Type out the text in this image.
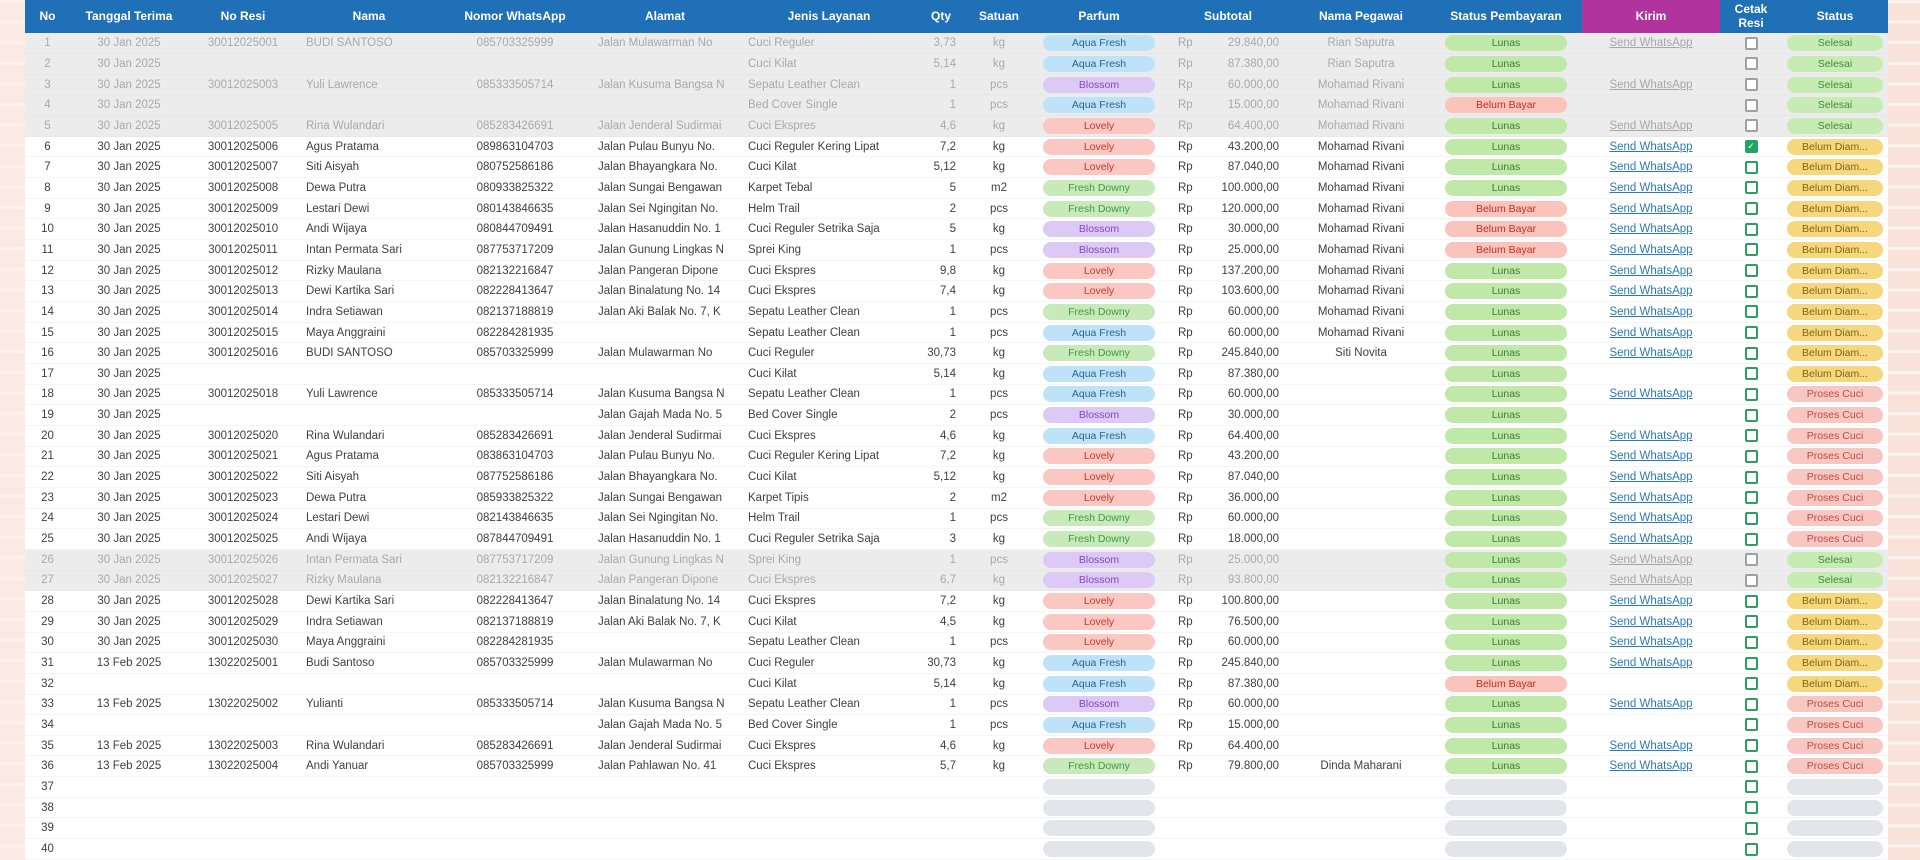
No	Tanggal Terima	No Resi	Nama	Nomor WhatsApp	Alamat	Jenis Layanan	Qty	Satuan	Parfum	Subtotal	Nama Pegawai	Status Pembayaran	Kirim	Cetak Resi	Status
1	30 Jan 2025	30012025001	BUDI SANTOSO	085703325999	Jalan Mulawarman No	Cuci Reguler	3,73	kg	Aqua Fresh	Rp 29.840,00	Rian Saputra	Lunas	Send WhatsApp		Selesai
2	30 Jan 2025					Cuci Kilat	5,14	kg	Aqua Fresh	Rp 87.380,00	Rian Saputra	Lunas			Selesai
3	30 Jan 2025	30012025003	Yuli Lawrence	085333505714	Jalan Kusuma Bangsa N	Sepatu Leather Clean	1	pcs	Blossom	Rp 60.000,00	Mohamad Rivani	Lunas	Send WhatsApp		Selesai
4	30 Jan 2025					Bed Cover Single	1	pcs	Aqua Fresh	Rp 15.000,00	Mohamad Rivani	Belum Bayar			Selesai
5	30 Jan 2025	30012025005	Rina Wulandari	085283426691	Jalan Jenderal Sudirmai	Cuci Ekspres	4,6	kg	Lovely	Rp 64.400,00	Mohamad Rivani	Lunas	Send WhatsApp		Selesai
6	30 Jan 2025	30012025006	Agus Pratama	089863104703	Jalan Pulau Bunyu No.	Cuci Reguler Kering Lipat	7,2	kg	Lovely	Rp 43.200,00	Mohamad Rivani	Lunas	Send WhatsApp	✓	Belum Diam...
7	30 Jan 2025	30012025007	Siti Aisyah	080752586186	Jalan Bhayangkara No.	Cuci Kilat	5,12	kg	Lovely	Rp 87.040,00	Mohamad Rivani	Lunas	Send WhatsApp		Belum Diam...
8	30 Jan 2025	30012025008	Dewa Putra	080933825322	Jalan Sungai Bengawan	Karpet Tebal	5	m2	Fresh Downy	Rp 100.000,00	Mohamad Rivani	Lunas	Send WhatsApp		Belum Diam...
9	30 Jan 2025	30012025009	Lestari Dewi	080143846635	Jalan Sei Ngingitan No.	Helm Trail	2	pcs	Fresh Downy	Rp 120.000,00	Mohamad Rivani	Belum Bayar	Send WhatsApp		Belum Diam...
10	30 Jan 2025	30012025010	Andi Wijaya	080844709491	Jalan Hasanuddin No. 1	Cuci Reguler Setrika Saja	5	kg	Blossom	Rp 30.000,00	Mohamad Rivani	Belum Bayar	Send WhatsApp		Belum Diam...
11	30 Jan 2025	30012025011	Intan Permata Sari	087753717209	Jalan Gunung Lingkas N	Sprei King	1	pcs	Blossom	Rp 25.000,00	Mohamad Rivani	Belum Bayar	Send WhatsApp		Belum Diam...
12	30 Jan 2025	30012025012	Rizky Maulana	082132216847	Jalan Pangeran Dipone	Cuci Ekspres	9,8	kg	Lovely	Rp 137.200,00	Mohamad Rivani	Lunas	Send WhatsApp		Belum Diam...
13	30 Jan 2025	30012025013	Dewi Kartika Sari	082228413647	Jalan Binalatung No. 14	Cuci Ekspres	7,4	kg	Lovely	Rp 103.600,00	Mohamad Rivani	Lunas	Send WhatsApp		Belum Diam...
14	30 Jan 2025	30012025014	Indra Setiawan	082137188819	Jalan Aki Balak No. 7, K	Sepatu Leather Clean	1	pcs	Fresh Downy	Rp 60.000,00	Mohamad Rivani	Lunas	Send WhatsApp		Belum Diam...
15	30 Jan 2025	30012025015	Maya Anggraini	082284281935		Sepatu Leather Clean	1	pcs	Aqua Fresh	Rp 60.000,00	Mohamad Rivani	Lunas	Send WhatsApp		Belum Diam...
16	30 Jan 2025	30012025016	BUDI SANTOSO	085703325999	Jalan Mulawarman No	Cuci Reguler	30,73	kg	Fresh Downy	Rp 245.840,00	Siti Novita	Lunas	Send WhatsApp		Belum Diam...
17	30 Jan 2025					Cuci Kilat	5,14	kg	Aqua Fresh	Rp 87.380,00		Lunas			Belum Diam...
18	30 Jan 2025	30012025018	Yuli Lawrence	085333505714	Jalan Kusuma Bangsa N	Sepatu Leather Clean	1	pcs	Aqua Fresh	Rp 60.000,00		Lunas	Send WhatsApp		Proses Cuci
19	30 Jan 2025				Jalan Gajah Mada No. 5	Bed Cover Single	2	pcs	Blossom	Rp 30.000,00		Lunas			Proses Cuci
20	30 Jan 2025	30012025020	Rina Wulandari	085283426691	Jalan Jenderal Sudirmai	Cuci Ekspres	4,6	kg	Aqua Fresh	Rp 64.400,00		Lunas	Send WhatsApp		Proses Cuci
21	30 Jan 2025	30012025021	Agus Pratama	083863104703	Jalan Pulau Bunyu No.	Cuci Reguler Kering Lipat	7,2	kg	Lovely	Rp 43.200,00		Lunas	Send WhatsApp		Proses Cuci
22	30 Jan 2025	30012025022	Siti Aisyah	087752586186	Jalan Bhayangkara No.	Cuci Kilat	5,12	kg	Lovely	Rp 87.040,00		Lunas	Send WhatsApp		Proses Cuci
23	30 Jan 2025	30012025023	Dewa Putra	085933825322	Jalan Sungai Bengawan	Karpet Tipis	2	m2	Lovely	Rp 36.000,00		Lunas	Send WhatsApp		Proses Cuci
24	30 Jan 2025	30012025024	Lestari Dewi	082143846635	Jalan Sei Ngingitan No.	Helm Trail	1	pcs	Fresh Downy	Rp 60.000,00		Lunas	Send WhatsApp		Proses Cuci
25	30 Jan 2025	30012025025	Andi Wijaya	087844709491	Jalan Hasanuddin No. 1	Cuci Reguler Setrika Saja	3	kg	Fresh Downy	Rp 18.000,00		Lunas	Send WhatsApp		Proses Cuci
26	30 Jan 2025	30012025026	Intan Permata Sari	087753717209	Jalan Gunung Lingkas N	Sprei King	1	pcs	Blossom	Rp 25.000,00		Lunas	Send WhatsApp		Selesai
27	30 Jan 2025	30012025027	Rizky Maulana	082132216847	Jalan Pangeran Dipone	Cuci Ekspres	6,7	kg	Blossom	Rp 93.800,00		Lunas	Send WhatsApp		Selesai
28	30 Jan 2025	30012025028	Dewi Kartika Sari	082228413647	Jalan Binalatung No. 14	Cuci Ekspres	7,2	kg	Lovely	Rp 100.800,00		Lunas	Send WhatsApp		Belum Diam...
29	30 Jan 2025	30012025029	Indra Setiawan	082137188819	Jalan Aki Balak No. 7, K	Cuci Kilat	4,5	kg	Lovely	Rp 76.500,00		Lunas	Send WhatsApp		Belum Diam...
30	30 Jan 2025	30012025030	Maya Anggraini	082284281935		Sepatu Leather Clean	1	pcs	Lovely	Rp 60.000,00		Lunas	Send WhatsApp		Belum Diam...
31	13 Feb 2025	13022025001	Budi Santoso	085703325999	Jalan Mulawarman No	Cuci Reguler	30,73	kg	Aqua Fresh	Rp 245.840,00		Lunas	Send WhatsApp		Belum Diam...
32						Cuci Kilat	5,14	kg	Aqua Fresh	Rp 87.380,00		Belum Bayar			Belum Diam...
33	13 Feb 2025	13022025002	Yulianti	085333505714	Jalan Kusuma Bangsa N	Sepatu Leather Clean	1	pcs	Blossom	Rp 60.000,00		Lunas	Send WhatsApp		Proses Cuci
34					Jalan Gajah Mada No. 5	Bed Cover Single	1	pcs	Aqua Fresh	Rp 15.000,00		Lunas			Proses Cuci
35	13 Feb 2025	13022025003	Rina Wulandari	085283426691	Jalan Jenderal Sudirmai	Cuci Ekspres	4,6	kg	Lovely	Rp 64.400,00		Lunas	Send WhatsApp		Proses Cuci
36	13 Feb 2025	13022025004	Andi Yanuar	085703325999	Jalan Pahlawan No. 41	Cuci Ekspres	5,7	kg	Fresh Downy	Rp 79.800,00	Dinda Maharani	Lunas	Send WhatsApp		Proses Cuci
37															
38															
39															
40															
